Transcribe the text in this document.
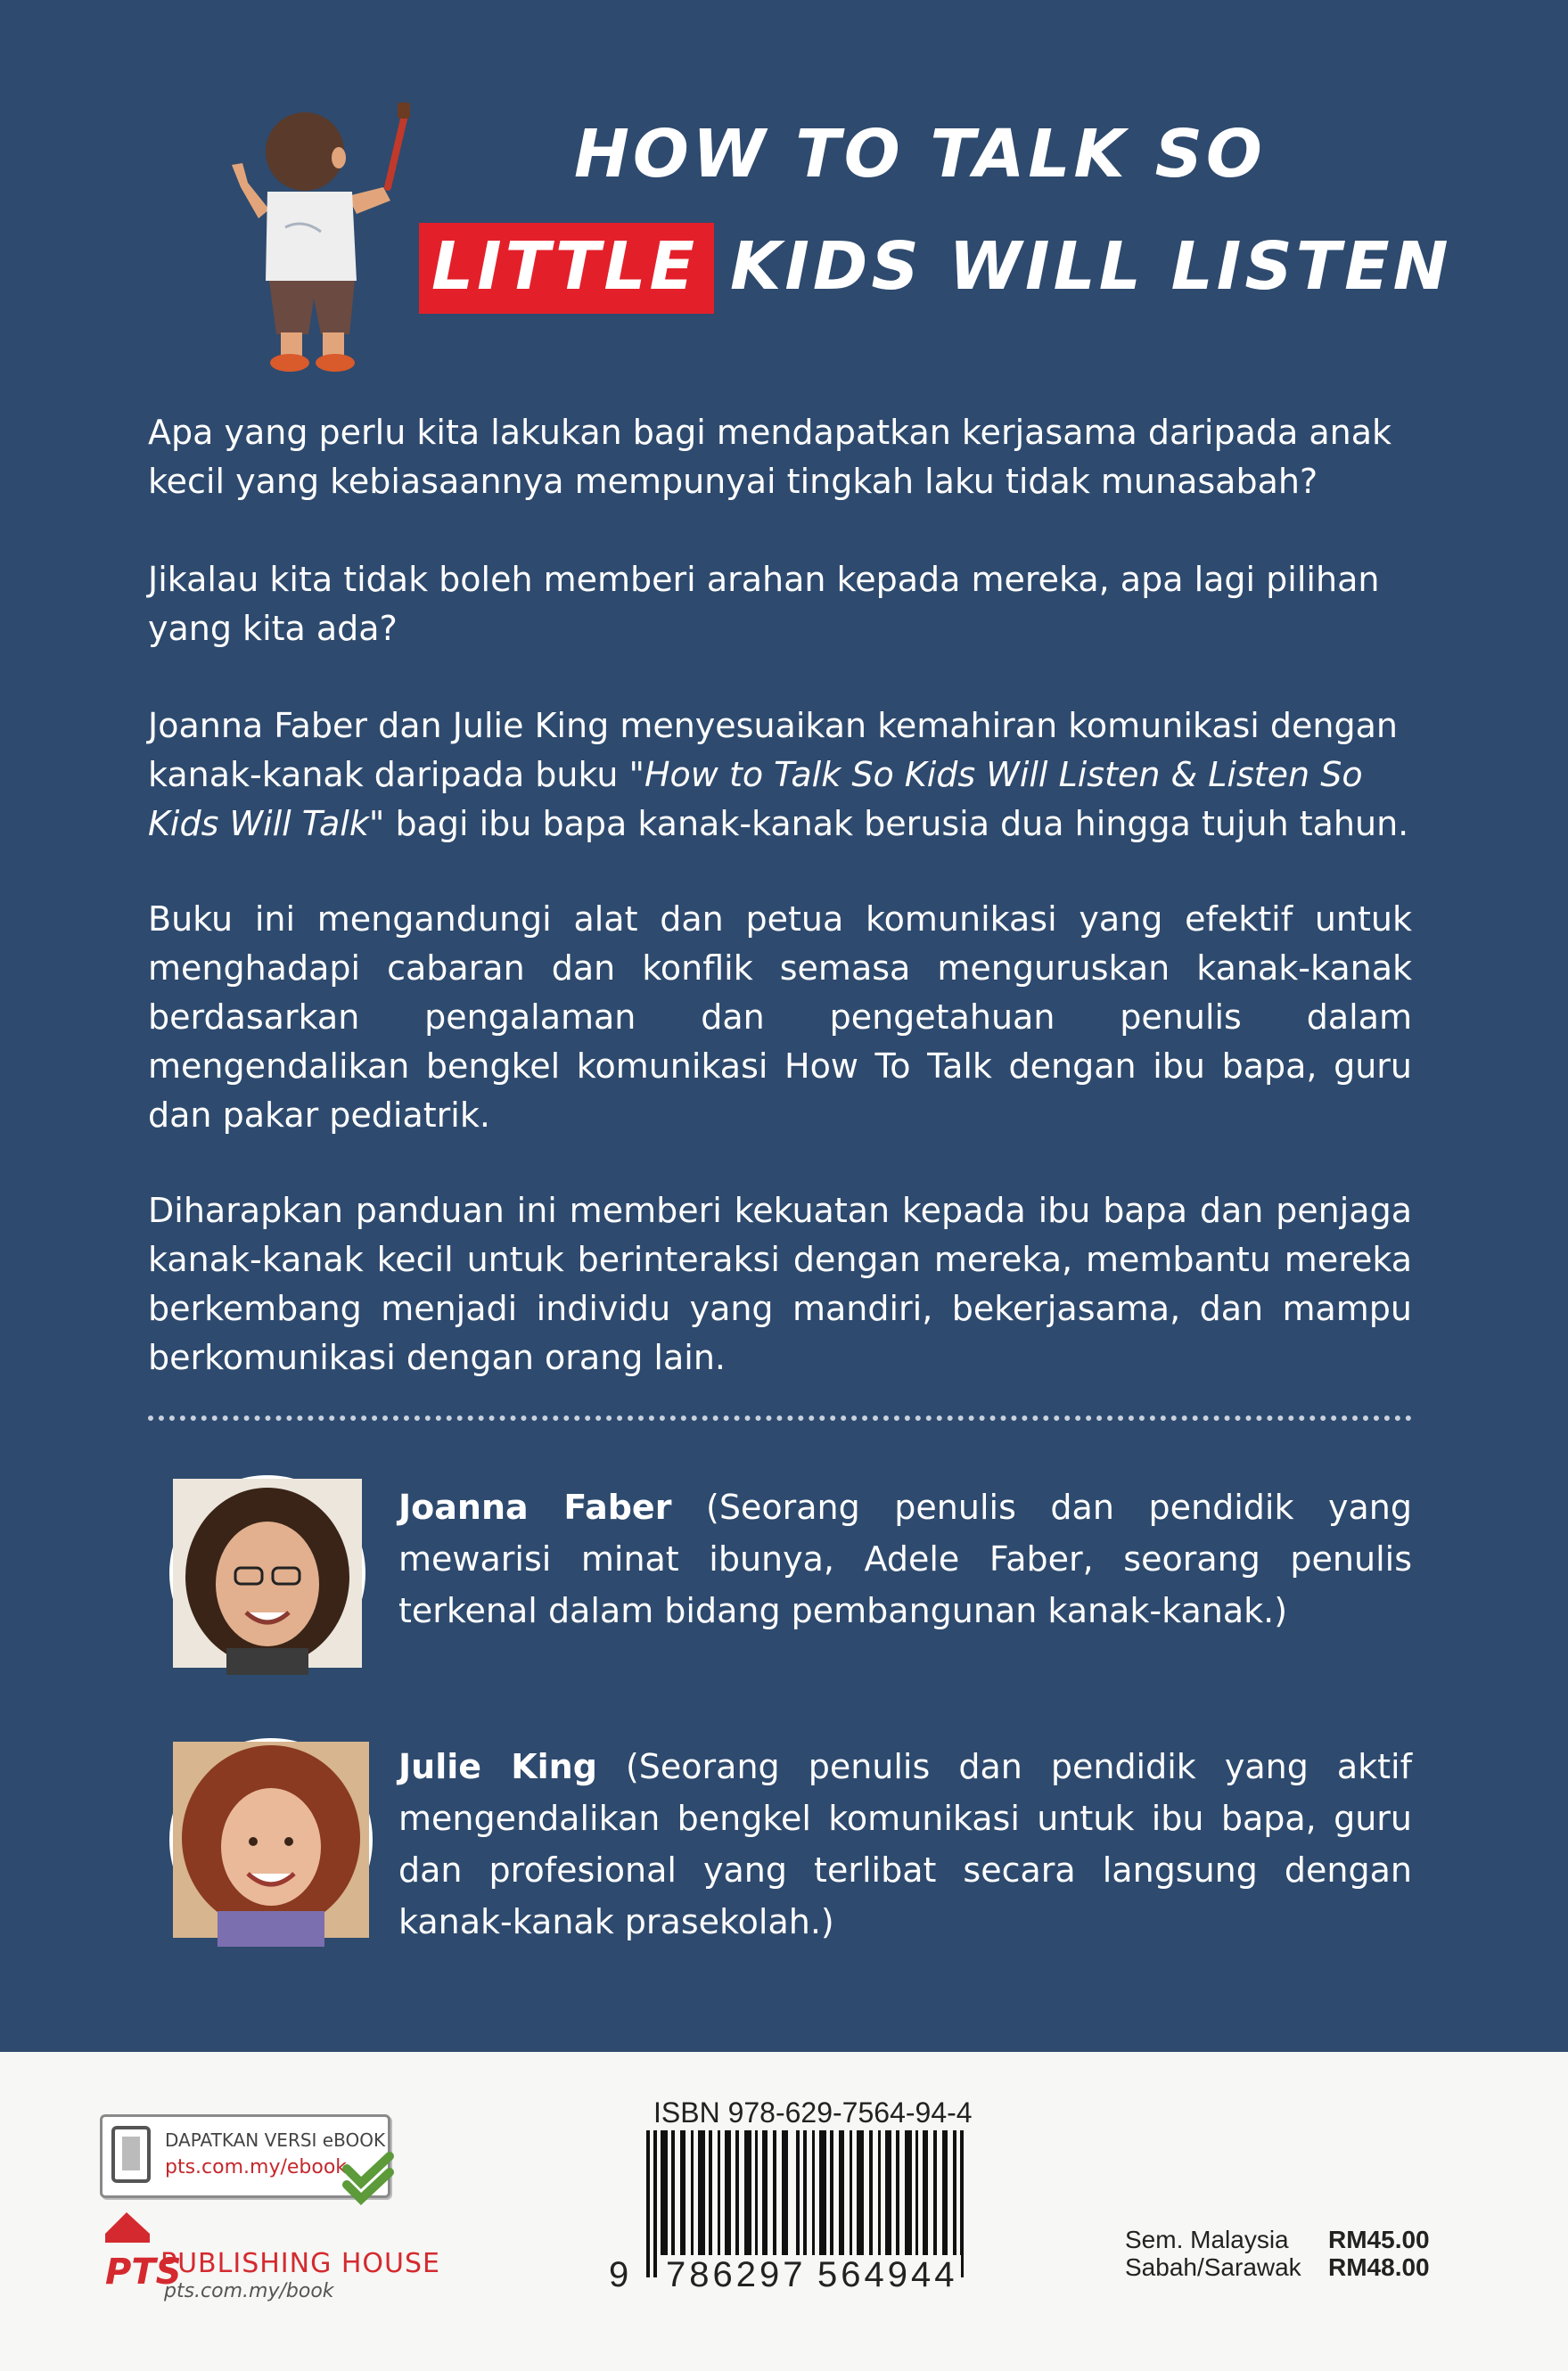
HOW TO TALK SO
LITTLE KIDS WILL LISTEN

Apa yang perlu kita lakukan bagi mendapatkan kerjasama daripada anak kecil yang kebiasaannya mempunyai tingkah laku tidak munasabah?

Jikalau kita tidak boleh memberi arahan kepada mereka, apa lagi pilihan yang kita ada?

Joanna Faber dan Julie King menyesuaikan kemahiran komunikasi dengan kanak-kanak daripada buku "How to Talk So Kids Will Listen & Listen So Kids Will Talk" bagi ibu bapa kanak-kanak berusia dua hingga tujuh tahun.

Buku ini mengandungi alat dan petua komunikasi yang efektif untuk menghadapi cabaran dan konflik semasa menguruskan kanak-kanak berdasarkan pengalaman dan pengetahuan penulis dalam mengendalikan bengkel komunikasi How To Talk dengan ibu bapa, guru dan pakar pediatrik.

Diharapkan panduan ini memberi kekuatan kepada ibu bapa dan penjaga kanak-kanak kecil untuk berinteraksi dengan mereka, membantu mereka berkembang menjadi individu yang mandiri, bekerjasama, dan mampu berkomunikasi dengan orang lain.

Joanna Faber (Seorang penulis dan pendidik yang mewarisi minat ibunya, Adele Faber, seorang penulis terkenal dalam bidang pembangunan kanak-kanak.)

Julie King (Seorang penulis dan pendidik yang aktif mengendalikan bengkel komunikasi untuk ibu bapa, guru dan profesional yang terlibat secara langsung dengan kanak-kanak prasekolah.)

DAPATKAN VERSI eBOOK
pts.com.my/ebook
PTS
PUBLISHING HOUSE
pts.com.my/book
ISBN 978-629-7564-94-4
9 786297 564944
Sem. Malaysia RM45.00
Sabah/Sarawak RM48.00
